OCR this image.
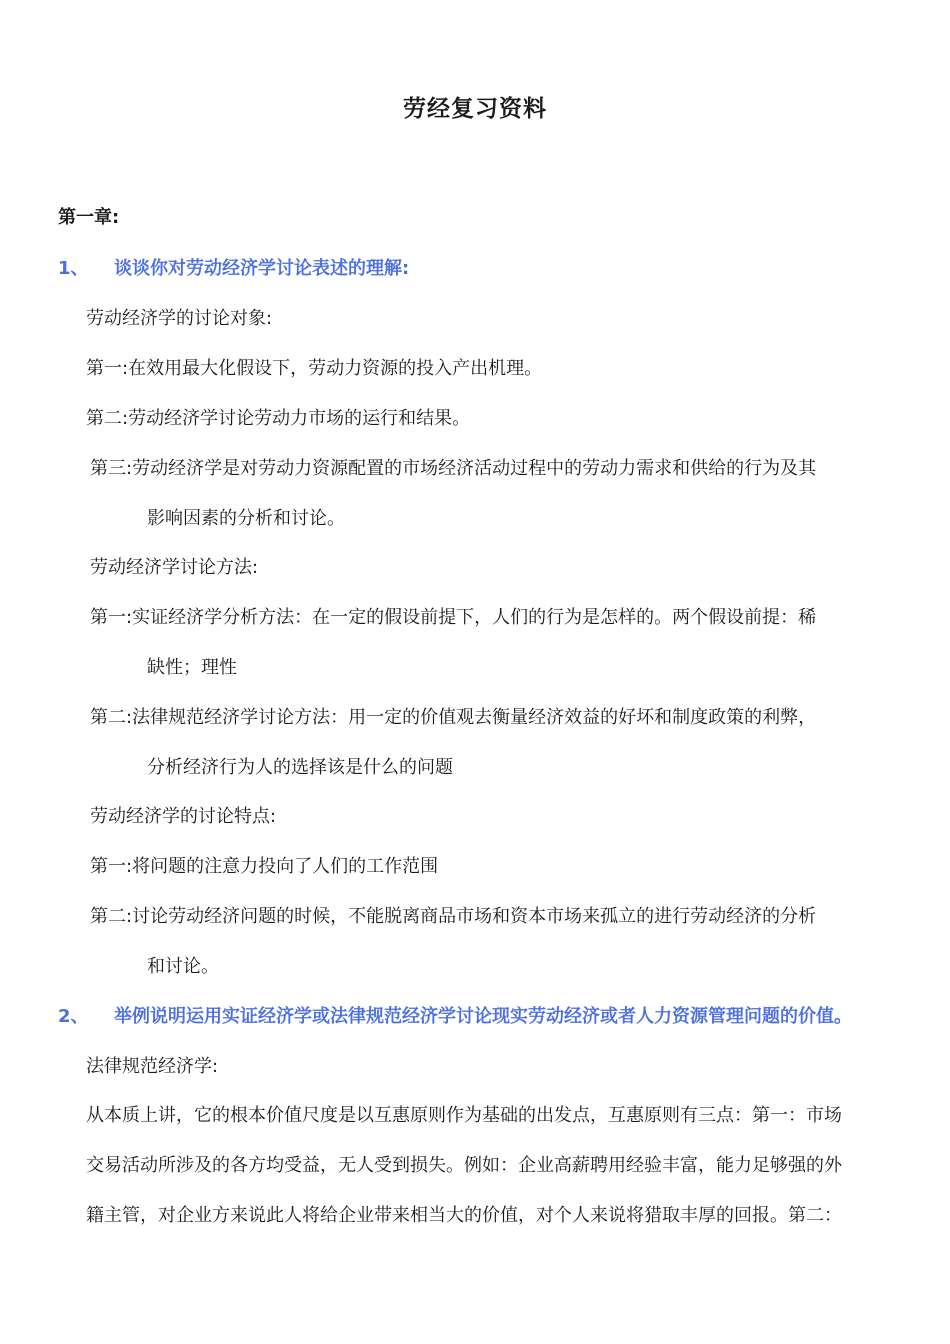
劳经复习资料
第一章:
1、 谈谈你对劳动经济学讨论表述的理解:
劳动经济学的讨论对象:
第一:在效用最大化假设下，劳动力资源的投入产出机理。
第二:劳动经济学讨论劳动力市场的运行和结果。
第三:劳动经济学是对劳动力资源配置的市场经济活动过程中的劳动力需求和供给的行为及其
影响因素的分析和讨论。
劳动经济学讨论方法:
第一:实证经济学分析方法：在一定的假设前提下，人们的行为是怎样的。两个假设前提：稀
缺性；理性
第二:法律规范经济学讨论方法：用一定的价值观去衡量经济效益的好坏和制度政策的利弊，
分析经济行为人的选择该是什么的问题
劳动经济学的讨论特点:
第一:将问题的注意力投向了人们的工作范围
第二:讨论劳动经济问题的时候，不能脱离商品市场和资本市场来孤立的进行劳动经济的分析
和讨论。
2、 举例说明运用实证经济学或法律规范经济学讨论现实劳动经济或者人力资源管理问题的价值。
法律规范经济学:
从本质上讲，它的根本价值尺度是以互惠原则作为基础的出发点，互惠原则有三点：第一：市场
交易活动所涉及的各方均受益，无人受到损失。例如：企业高薪聘用经验丰富，能力足够强的外
籍主管，对企业方来说此人将给企业带来相当大的价值，对个人来说将猎取丰厚的回报。第二：
